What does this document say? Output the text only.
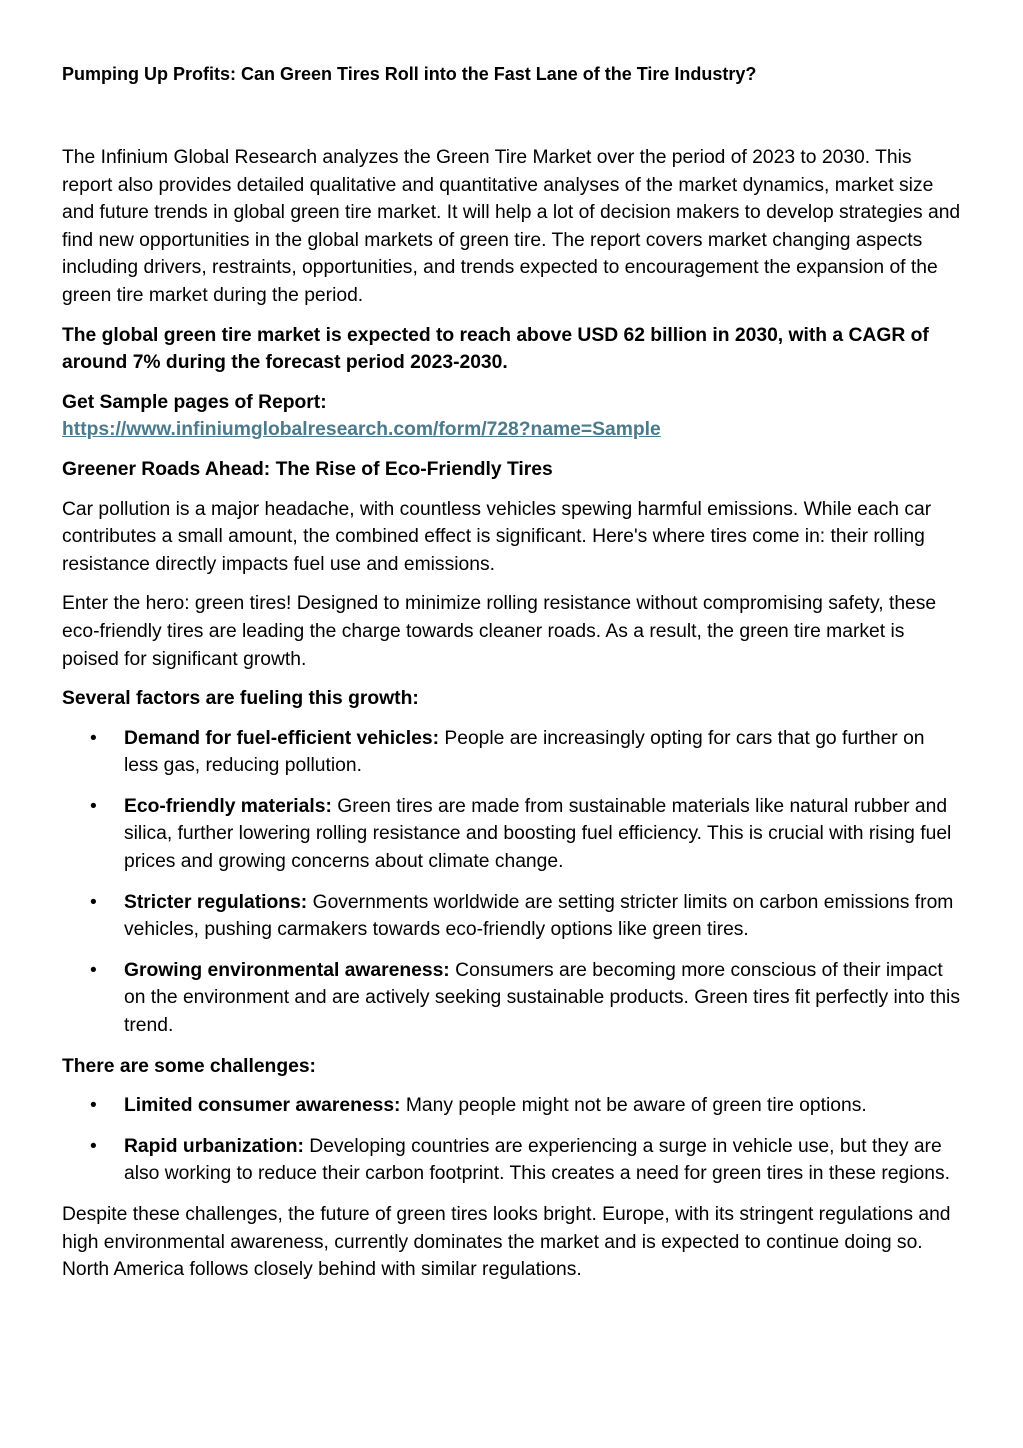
Pumping Up Profits: Can Green Tires Roll into the Fast Lane of the Tire Industry?

The Infinium Global Research analyzes the Green Tire Market over the period of 2023 to 2030. This report also provides detailed qualitative and quantitative analyses of the market dynamics, market size and future trends in global green tire market. It will help a lot of decision makers to develop strategies and find new opportunities in the global markets of green tire. The report covers market changing aspects including drivers, restraints, opportunities, and trends expected to encouragement the expansion of the green tire market during the period.

The global green tire market is expected to reach above USD 62 billion in 2030, with a CAGR of around 7% during the forecast period 2023-2030.

Get Sample pages of Report:
https://www.infiniumglobalresearch.com/form/728?name=Sample

Greener Roads Ahead: The Rise of Eco-Friendly Tires

Car pollution is a major headache, with countless vehicles spewing harmful emissions. While each car contributes a small amount, the combined effect is significant. Here's where tires come in: their rolling resistance directly impacts fuel use and emissions.

Enter the hero: green tires! Designed to minimize rolling resistance without compromising safety, these eco-friendly tires are leading the charge towards cleaner roads. As a result, the green tire market is poised for significant growth.

Several factors are fueling this growth:

• Demand for fuel-efficient vehicles: People are increasingly opting for cars that go further on less gas, reducing pollution.
• Eco-friendly materials: Green tires are made from sustainable materials like natural rubber and silica, further lowering rolling resistance and boosting fuel efficiency. This is crucial with rising fuel prices and growing concerns about climate change.
• Stricter regulations: Governments worldwide are setting stricter limits on carbon emissions from vehicles, pushing carmakers towards eco-friendly options like green tires.
• Growing environmental awareness: Consumers are becoming more conscious of their impact on the environment and are actively seeking sustainable products. Green tires fit perfectly into this trend.

There are some challenges:

• Limited consumer awareness: Many people might not be aware of green tire options.
• Rapid urbanization: Developing countries are experiencing a surge in vehicle use, but they are also working to reduce their carbon footprint. This creates a need for green tires in these regions.

Despite these challenges, the future of green tires looks bright. Europe, with its stringent regulations and high environmental awareness, currently dominates the market and is expected to continue doing so. North America follows closely behind with similar regulations.
